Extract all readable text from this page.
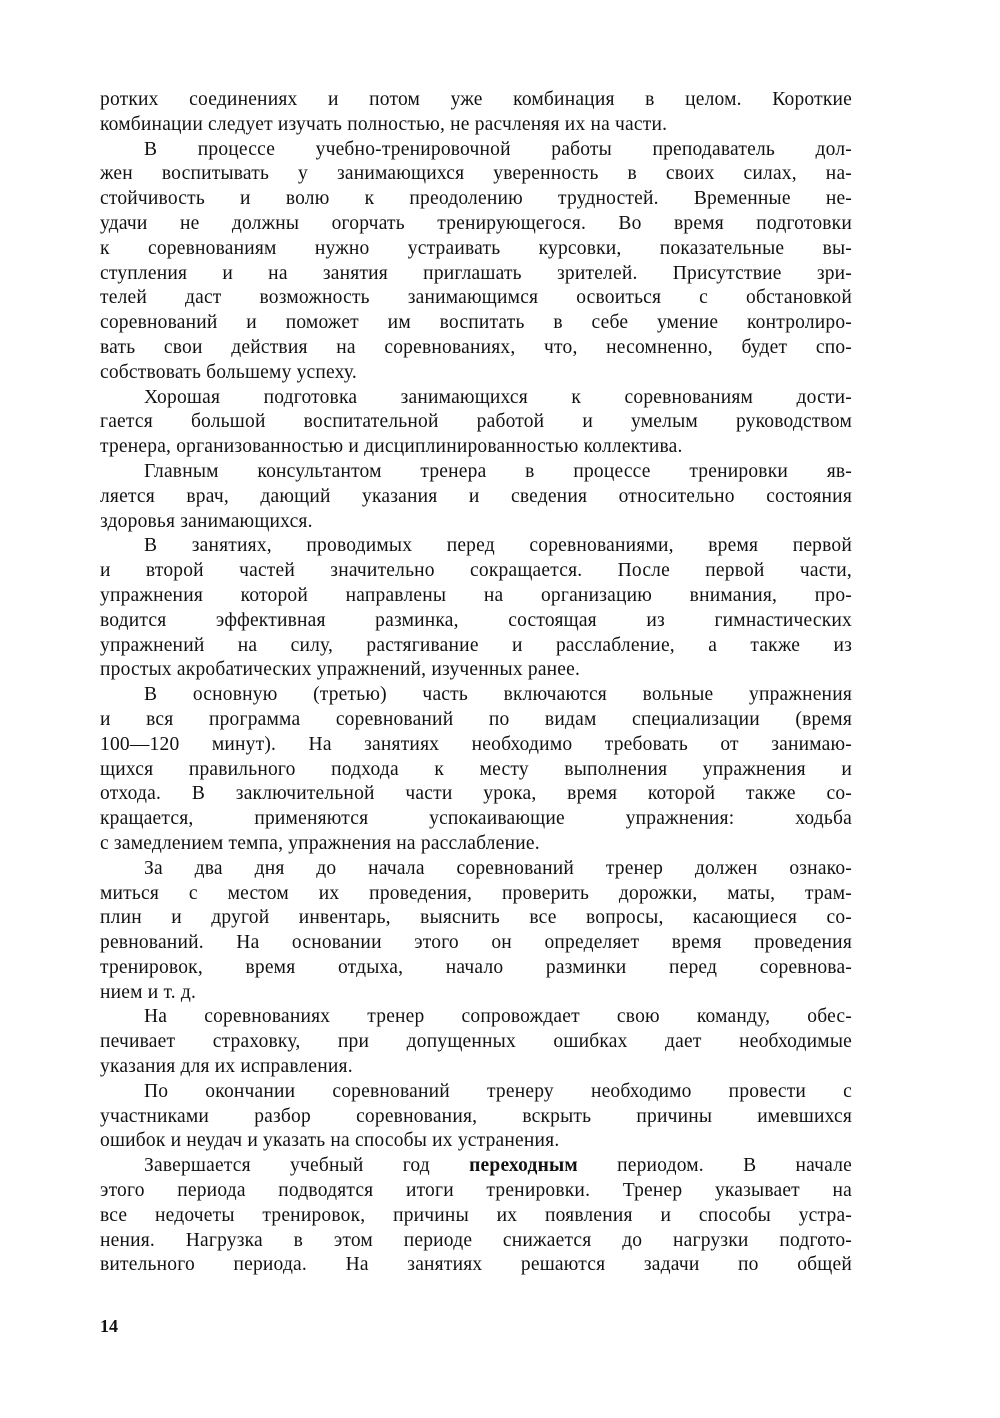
ротких соединениях и потом уже комбинация в целом. Короткие
комбинации следует изучать полностью, не расчленяя их на части.
В процессе учебно-тренировочной работы преподаватель дол-
жен воспитывать у занимающихся уверенность в своих силах, на-
стойчивость и волю к преодолению трудностей. Временные не-
удачи не должны огорчать тренирующегося. Во время подготовки
к соревнованиям нужно устраивать курсовки, показательные вы-
ступления и на занятия приглашать зрителей. Присутствие зри-
телей даст возможность занимающимся освоиться с обстановкой
соревнований и поможет им воспитать в себе умение контролиро-
вать свои действия на соревнованиях, что, несомненно, будет спо-
собствовать большему успеху.
Хорошая подготовка занимающихся к соревнованиям дости-
гается большой воспитательной работой и умелым руководством
тренера, организованностью и дисциплинированностью коллектива.
Главным консультантом тренера в процессе тренировки яв-
ляется врач, дающий указания и сведения относительно состояния
здоровья занимающихся.
В занятиях, проводимых перед соревнованиями, время первой
и второй частей значительно сокращается. После первой части,
упражнения которой направлены на организацию внимания, про-
водится эффективная разминка, состоящая из гимнастических
упражнений на силу, растягивание и расслабление, а также из
простых акробатических упражнений, изученных ранее.
В основную (третью) часть включаются вольные упражнения
и вся программа соревнований по видам специализации (время
100—120 минут). На занятиях необходимо требовать от занимаю-
щихся правильного подхода к месту выполнения упражнения и
отхода. В заключительной части урока, время которой также со-
кращается, применяются успокаивающие упражнения: ходьба
с замедлением темпа, упражнения на расслабление.
За два дня до начала соревнований тренер должен ознако-
миться с местом их проведения, проверить дорожки, маты, трам-
плин и другой инвентарь, выяснить все вопросы, касающиеся со-
ревнований. На основании этого он определяет время проведения
тренировок, время отдыха, начало разминки перед соревнова-
нием и т. д.
На соревнованиях тренер сопровождает свою команду, обес-
печивает страховку, при допущенных ошибках дает необходимые
указания для их исправления.
По окончании соревнований тренеру необходимо провести с
участниками разбор соревнования, вскрыть причины имевшихся
ошибок и неудач и указать на способы их устранения.
Завершается учебный год переходным периодом. В начале
этого периода подводятся итоги тренировки. Тренер указывает на
все недочеты тренировок, причины их появления и способы устра-
нения. Нагрузка в этом периоде снижается до нагрузки подгото-
вительного периода. На занятиях решаются задачи по общей
14
